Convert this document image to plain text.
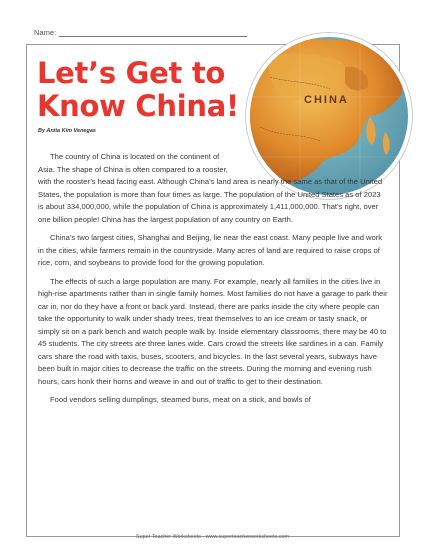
Name:
CHINA
Let’s Get to Know China!
By Anita Kim Venegas
The country of China is located on the continent of
Asia. The shape of China is often compared to a rooster,

with the rooster’s head facing east. Although China’s land area is nearly the same as that of the United States, the population is more than four times as large. The population of the United States as of 2023 is about 334,000,000, while the population of China is approximately 1,411,000,000. That’s right, over one billion people! China has the largest population of any country on Earth.

China’s two largest cities, Shanghai and Beijing, lie near the east coast. Many people live and work in the cities, while farmers remain in the countryside. Many acres of land are required to raise crops of rice, corn, and soybeans to provide food for the growing population.

The effects of such a large population are many. For example, nearly all families in the cities live in high-rise apartments rather than in single family homes. Most families do not have a garage to park their car in, nor do they have a front or back yard. Instead, there are parks inside the city where people can take the opportunity to walk under shady trees, treat themselves to an ice cream or tasty snack, or simply sit on a park bench and watch people walk by. Inside elementary classrooms, there may be 40 to 45 students. The city streets are three lanes wide. Cars crowd the streets like sardines in a can. Family cars share the road with taxis, buses, scooters, and bicycles. In the last several years, subways have been built in major cities to decrease the traffic on the streets. During the morning and evening rush hours, cars honk their horns and weave in and out of traffic to get to their destination.

Food vendors selling dumplings, steamed buns, meat on a stick, and bowls of

Super Teacher Worksheets - www.superteacherworksheets.com
